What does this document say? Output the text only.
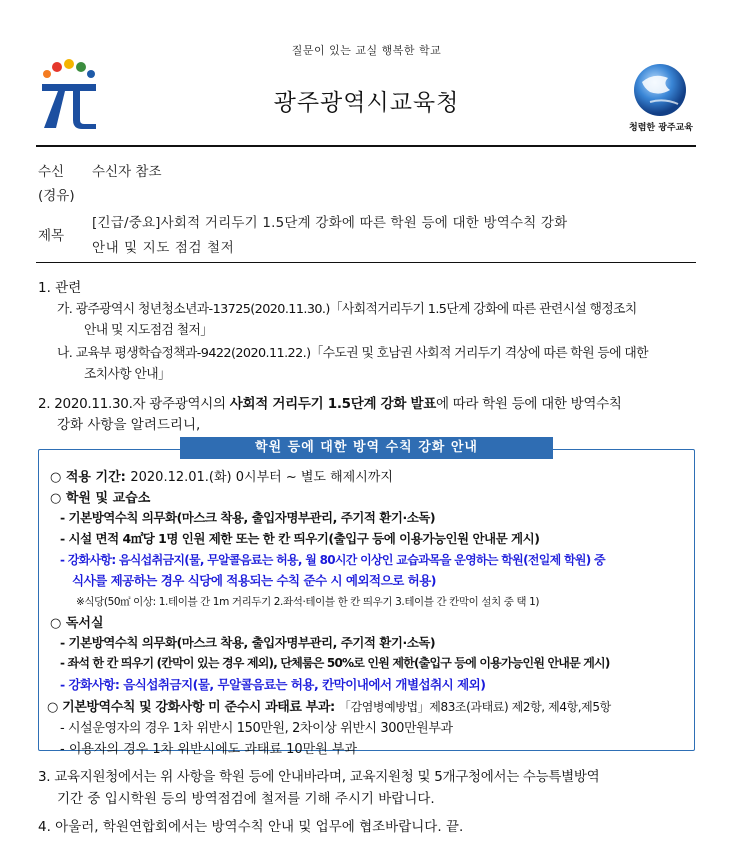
질문이 있는 교실 행복한 학교
광주광역시교육청
청렴한 광주교육
수신 수신자 참조
(경유)
제목
[긴급/중요]사회적 거리두기 1.5단계 강화에 따른 학원 등에 대한 방역수칙 강화
안내 및 지도 점검 철저
1. 관련
가. 광주광역시 청년청소년과-13725(2020.11.30.)「사회적거리두기 1.5단계 강화에 따른 관련시설 행정조치
안내 및 지도점검 철저」
나. 교육부 평생학습정책과-9422(2020.11.22.)「수도권 및 호남권 사회적 거리두기 격상에 따른 학원 등에 대한
조치사항 안내」
2. 2020.11.30.자 광주광역시의 사회적 거리두기 1.5단계 강화 발표에 따라 학원 등에 대한 방역수칙
강화 사항을 알려드리니,
학원 등에 대한 방역 수칙 강화 안내
○ 적용 기간: 2020.12.01.(화) 0시부터 ~ 별도 해제시까지
○ 학원 및 교습소
- 기본방역수칙 의무화(마스크 착용, 출입자명부관리, 주기적 환기·소독)
- 시설 면적 4㎡당 1명 인원 제한 또는 한 칸 띄우기(출입구 등에 이용가능인원 안내문 게시)
- 강화사항: 음식섭취금지(물, 무알콜음료는 허용, 월 80시간 이상인 교습과목을 운영하는 학원(전일제 학원) 중
식사를 제공하는 경우 식당에 적용되는 수칙 준수 시 예외적으로 허용)
※식당(50㎡ 이상: 1.테이블 간 1m 거리두기 2.좌석·테이블 한 칸 띄우기 3.테이블 간 칸막이 설치 중 택 1)
○ 독서실
- 기본방역수칙 의무화(마스크 착용, 출입자명부관리, 주기적 환기·소독)
- 좌석 한 칸 띄우기 (칸막이 있는 경우 제외), 단체룸은 50%로 인원 제한(출입구 등에 이용가능인원 안내문 게시)
- 강화사항: 음식섭취금지(물, 무알콜음료는 허용, 칸막이내에서 개별섭취시 제외)
○ 기본방역수칙 및 강화사항 미 준수시 과태료 부과: 「감염병예방법」제83조(과태료) 제2항, 제4항,제5항
- 시설운영자의 경우 1차 위반시 150만원, 2차이상 위반시 300만원부과
- 이용자의 경우 1차 위반시에도 과태료 10만원 부과
3. 교육지원청에서는 위 사항을 학원 등에 안내바라며, 교육지원청 및 5개구청에서는 수능특별방역
기간 중 입시학원 등의 방역점검에 철저를 기해 주시기 바랍니다.
4. 아울러, 학원연합회에서는 방역수칙 안내 및 업무에 협조바랍니다. 끝.
